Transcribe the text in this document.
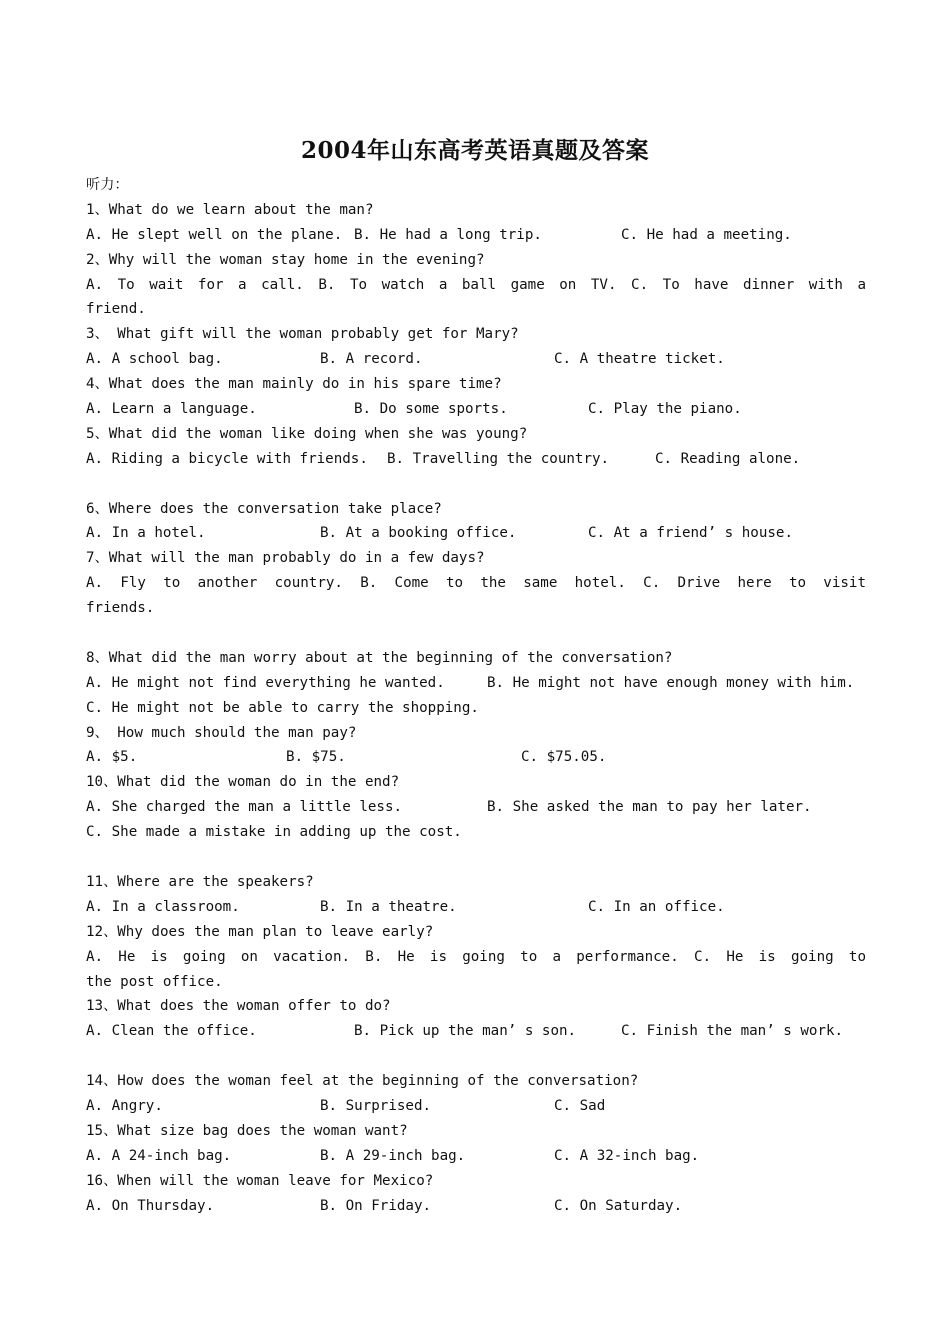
2004年山东高考英语真题及答案
听力：
1、What do we learn about the man?
A. He slept well on the plane. B. He had a long trip.	C. He had a meeting.
2、Why will the woman stay home in the evening?
A. To wait for a call. B. To watch a ball game on TV. C. To have dinner with a
friend.
3、 What gift will the woman probably get for Mary?
A. A school bag.	B. A record.	C. A theatre ticket.
4、What does the man mainly do in his spare time?
A. Learn a language.	B. Do some sports.	C. Play the piano.
5、What did the woman like doing when she was young?
A. Riding a bicycle with friends. B. Travelling the country.	C. Reading alone.
6、Where does the conversation take place?
A. In a hotel.	B. At a booking office.	C. At a friend’ s house.
7、What will the man probably do in a few days?
A. Fly to another country. B. Come to the same hotel. C. Drive here to visit
friends.
8、What did the man worry about at the beginning of the conversation?
A. He might not find everything he wanted.	B. He might not have enough money with him.
C. He might not be able to carry the shopping.
9、 How much should the man pay?
A. $5.	B. $75.	C. $75.05.
10、What did the woman do in the end?
A. She charged the man a little less.	B. She asked the man to pay her later.
C. She made a mistake in adding up the cost.
11、Where are the speakers?
A. In a classroom.	B. In a theatre.	C. In an office.
12、Why does the man plan to leave early?
A. He is going on vacation. B. He is going to a performance. C. He is going to
the post office.
13、What does the woman offer to do?
A. Clean the office.	B. Pick up the man’ s son.	C. Finish the man’ s work.
14、How does the woman feel at the beginning of the conversation?
A. Angry.	B. Surprised.	C. Sad
15、What size bag does the woman want?
A. A 24-inch bag.	B. A 29-inch bag.	C. A 32-inch bag.
16、When will the woman leave for Mexico?
A. On Thursday.	B. On Friday.	C. On Saturday.
